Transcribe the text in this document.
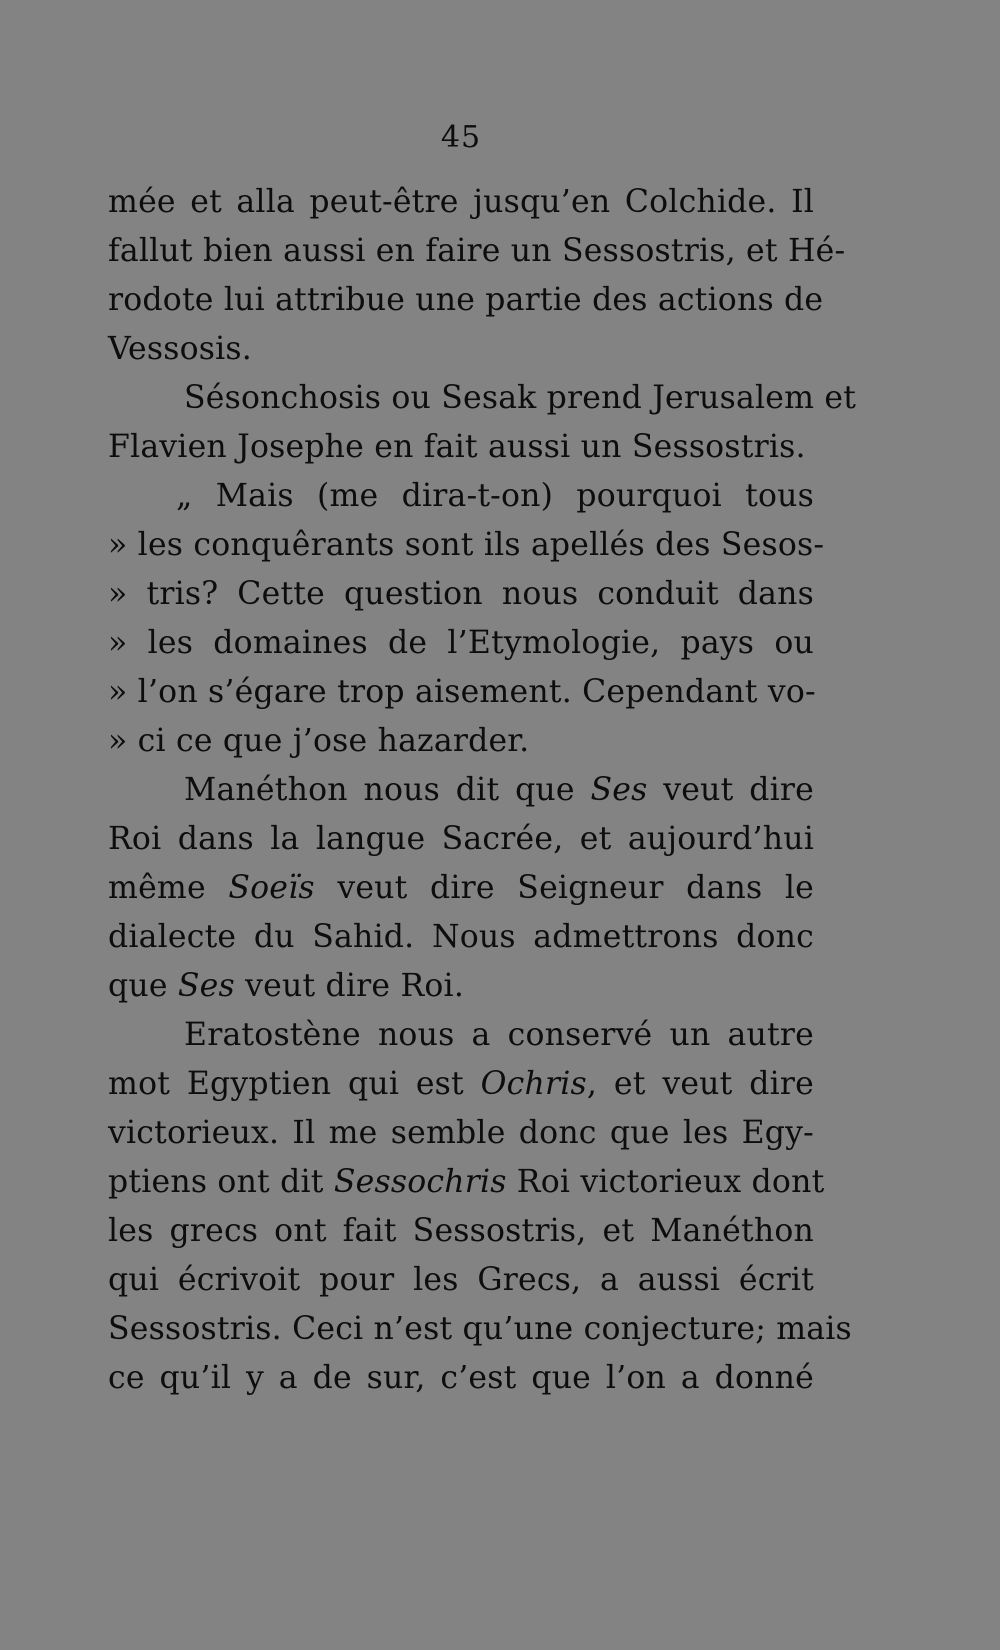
45
mée et alla peut-être jusqu’en Colchide. Il
fallut bien aussi en faire un Sessostris, et Hé-
rodote lui attribue une partie des actions de
Vessosis.
Sésonchosis ou Sesak prend Jerusalem et
Flavien Josephe en fait aussi un Sessostris.
„ Mais (me dira-t-on) pourquoi tous
» les conquêrants sont ils apellés des Sesos-
» tris? Cette question nous conduit dans
» les domaines de l’Etymologie, pays ou
» l’on s’égare trop aisement. Cependant vo-
» ci ce que j’ose hazarder.
Manéthon nous dit que Ses veut dire
Roi dans la langue Sacrée, et aujourd’hui
même Soeïs veut dire Seigneur dans le
dialecte du Sahid. Nous admettrons donc
que Ses veut dire Roi.
Eratostène nous a conservé un autre
mot Egyptien qui est Ochris, et veut dire
victorieux. Il me semble donc que les Egy-
ptiens ont dit Sessochris Roi victorieux dont
les grecs ont fait Sessostris, et Manéthon
qui écrivoit pour les Grecs, a aussi écrit
Sessostris. Ceci n’est qu’une conjecture; mais
ce qu’il y a de sur, c’est que l’on a donné
